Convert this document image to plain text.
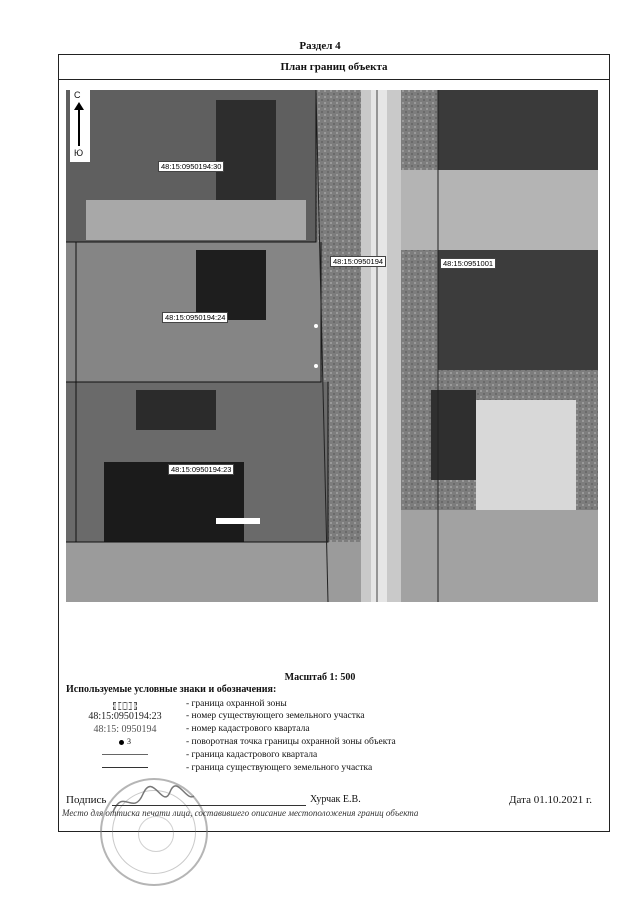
Раздел 4
План границ объекта
С
Ю
48:15:0950194:30
48:15:0950194
48:15:0950194:24
48:15:0950194:23
48:15:0951001
Масштаб 1: 500
Используемые условные знаки и обозначения:
- граница охранной зоны
48:15:0950194:23	- номер существующего земельного участка
48:15: 0950194	- номер кадастрового квартала
$^3$	- поворотная точка границы охранной зоны объекта
- граница кадастрового квартала
- граница существующего земельного участка
Подпись	Хурчак Е.В.	Дата 01.10.2021 г.
Место для оттиска печати лица, составившего описание местоположения границ объекта
